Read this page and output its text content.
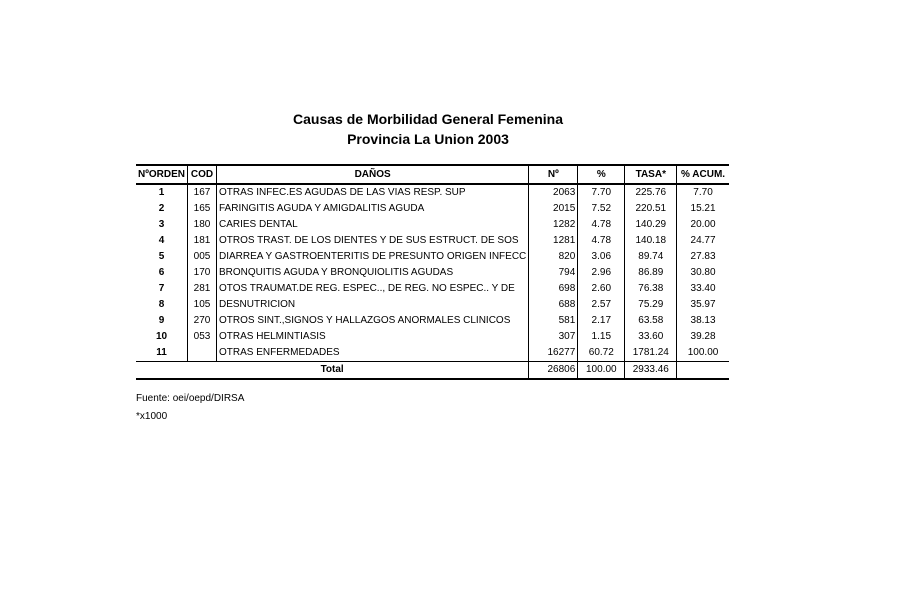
Causas de Morbilidad General Femenina
Provincia La Union 2003
NºORDEN	COD	DAÑOS	Nº	%	TASA*	% ACUM.
1	167	OTRAS INFEC.ES AGUDAS DE LAS VIAS RESP. SUP	2063	7.70	225.76	7.70
2	165	FARINGITIS AGUDA Y AMIGDALITIS AGUDA	2015	7.52	220.51	15.21
3	180	CARIES DENTAL	1282	4.78	140.29	20.00
4	181	OTROS TRAST. DE LOS DIENTES Y DE SUS ESTRUCT. DE SOS	1281	4.78	140.18	24.77
5	005	DIARREA Y GASTROENTERITIS DE PRESUNTO ORIGEN INFECC	820	3.06	89.74	27.83
6	170	BRONQUITIS AGUDA Y BRONQUIOLITIS AGUDAS	794	2.96	86.89	30.80
7	281	OTOS TRAUMAT.DE REG. ESPEC.., DE REG. NO ESPEC.. Y DE	698	2.60	76.38	33.40
8	105	DESNUTRICION	688	2.57	75.29	35.97
9	270	OTROS SINT.,SIGNOS Y HALLAZGOS ANORMALES CLINICOS	581	2.17	63.58	38.13
10	053	OTRAS HELMINTIASIS	307	1.15	33.60	39.28
11		OTRAS ENFERMEDADES	16277	60.72	1781.24	100.00
Total			26806	100.00	2933.46	
Fuente: oei/oepd/DIRSA
*x1000
